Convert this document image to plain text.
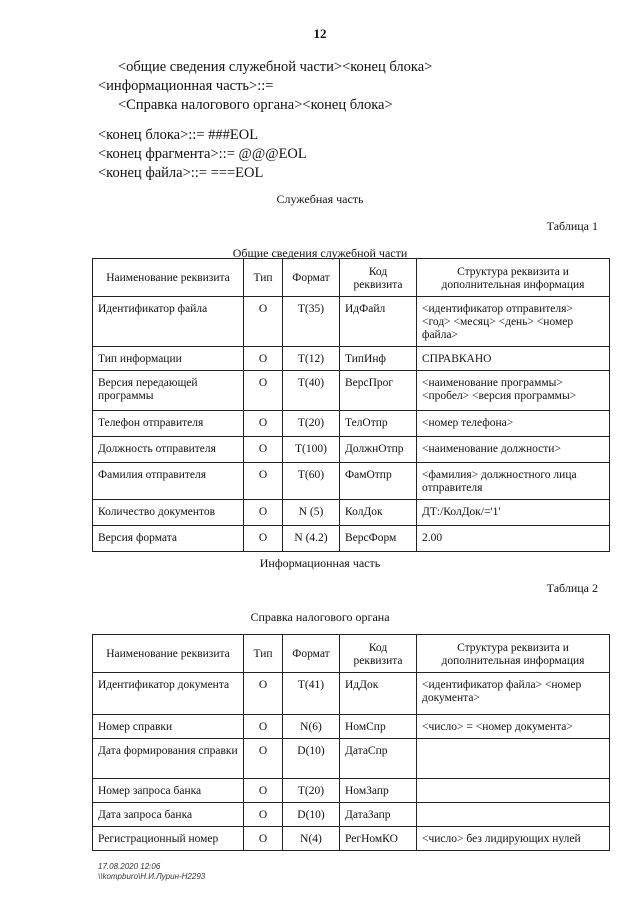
12
<общие сведения служебной части><конец блока>
<информационная часть>::=
<Справка налогового органа><конец блока>
<конец блока>::= ###EOL
<конец фрагмента>::= @@@EOL
<конец файла>::= ===EOL
Служебная часть
Таблица 1
Общие сведения служебной части
Наименование реквизита	Тип	Формат	Код реквизита	Структура реквизита и дополнительная информация
Идентификатор файла	О	T(35)	ИдФайл	<идентификатор отправителя> <год> <месяц> <день> <номер файла>
Тип информации	О	T(12)	ТипИнф	СПРАВКАНО
Версия передающей программы	О	T(40)	ВерсПрог	<наименование программы> <пробел> <версия программы>
Телефон отправителя	О	T(20)	ТелОтпр	<номер телефона>
Должность отправителя	О	T(100)	ДолжнОтпр	<наименование должности>
Фамилия отправителя	О	T(60)	ФамОтпр	<фамилия> должностного лица отправителя
Количество документов	О	N (5)	КолДок	ДТ:/КолДок/='1'
Версия формата	О	N (4.2)	ВерсФорм	2.00
Информационная часть
Таблица 2
Справка налогового органа
Наименование реквизита	Тип	Формат	Код реквизита	Структура реквизита и дополнительная информация
Идентификатор документа	О	T(41)	ИдДок	<идентификатор файла> <номер документа>
Номер справки	О	N(6)	НомСпр	<число> = <номер документа>
Дата формирования справки	О	D(10)	ДатаСпр	
Номер запроса банка	О	T(20)	НомЗапр	
Дата запроса банка	О	D(10)	ДатаЗапр	
Регистрационный номер	О	N(4)	РегНомКО	<число> без лидирующих нулей
17.08.2020 12:06
\\kompburo\Н.И.Лурин-Н2293
